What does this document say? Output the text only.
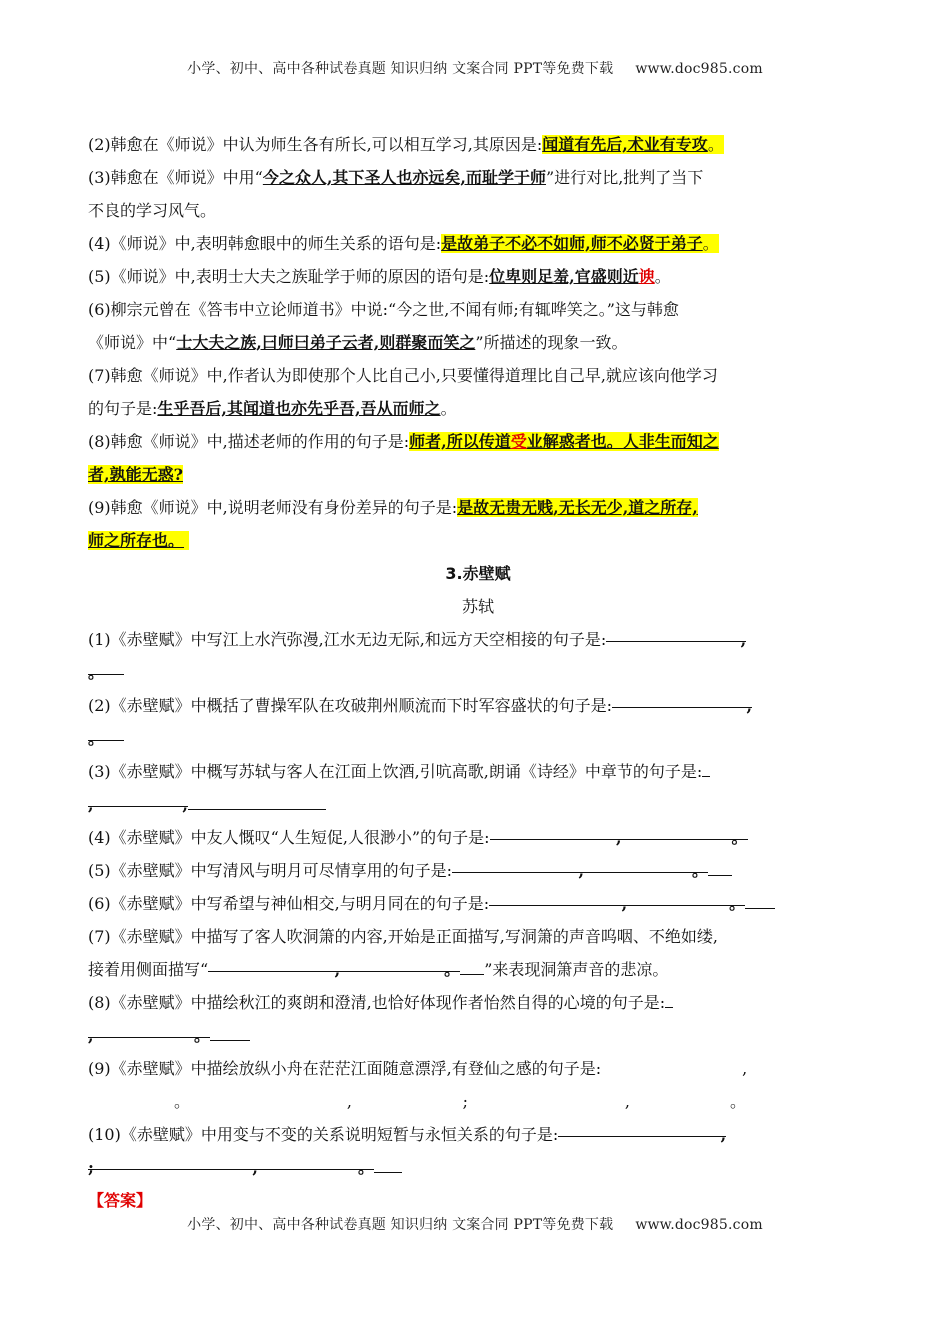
小学、初中、高中各种试卷真题 知识归纳 文案合同 PPT等免费下载 www.doc985.com

(2)韩愈在《师说》中认为师生各有所长,可以相互学习,其原因是:闻道有先后,术业有专攻。

(3)韩愈在《师说》中用“今之众人,其下圣人也亦远矣,而耻学于师”进行对比,批判了当下

不良的学习风气。

(4)《师说》中,表明韩愈眼中的师生关系的语句是:是故弟子不必不如师,师不必贤于弟子。

(5)《师说》中,表明士大夫之族耻学于师的原因的语句是:位卑则足羞,官盛则近谀。

(6)柳宗元曾在《答韦中立论师道书》中说:“今之世,不闻有师;有辄哗笑之。”这与韩愈

《师说》中“士大夫之族,曰师曰弟子云者,则群聚而笑之”所描述的现象一致。

(7)韩愈《师说》中,作者认为即使那个人比自己小,只要懂得道理比自己早,就应该向他学习

的句子是:生乎吾后,其闻道也亦先乎吾,吾从而师之。

(8)韩愈《师说》中,描述老师的作用的句子是:师者,所以传道受业解惑者也。人非生而知之

者,孰能无惑?

(9)韩愈《师说》中,说明老师没有身份差异的句子是:是故无贵无贱,无长无少,道之所存,

师之所存也。

3.赤壁赋

苏轼

(1)《赤壁赋》中写江上水汽弥漫,江水无边无际,和远方天空相接的句子是:	,

。

(2)《赤壁赋》中概括了曹操军队在攻破荆州顺流而下时军容盛状的句子是:	,

。

(3)《赤壁赋》中概写苏轼与客人在江面上饮酒,引吭高歌,朗诵《诗经》中章节的句子是:

,	,

(4)《赤壁赋》中友人慨叹“人生短促,人很渺小”的句子是:	,	。

(5)《赤壁赋》中写清风与明月可尽情享用的句子是:	,	。

(6)《赤壁赋》中写希望与神仙相交,与明月同在的句子是:	,	。

(7)《赤壁赋》中描写了客人吹洞箫的内容,开始是正面描写,写洞箫的声音呜咽、不绝如缕,

接着用侧面描写“	,	。 ”来表现洞箫声音的悲凉。

(8)《赤壁赋》中描绘秋江的爽朗和澄清,也恰好体现作者怡然自得的心境的句子是:

,	。

(9)《赤壁赋》中描绘放纵小舟在茫茫江面随意漂浮,有登仙之感的句子是:	,

。	,	;	,	。

(10)《赤壁赋》中用变与不变的关系说明短暂与永恒关系的句子是:	,

;	,	。

【答案】

小学、初中、高中各种试卷真题 知识归纳 文案合同 PPT等免费下载 www.doc985.com
